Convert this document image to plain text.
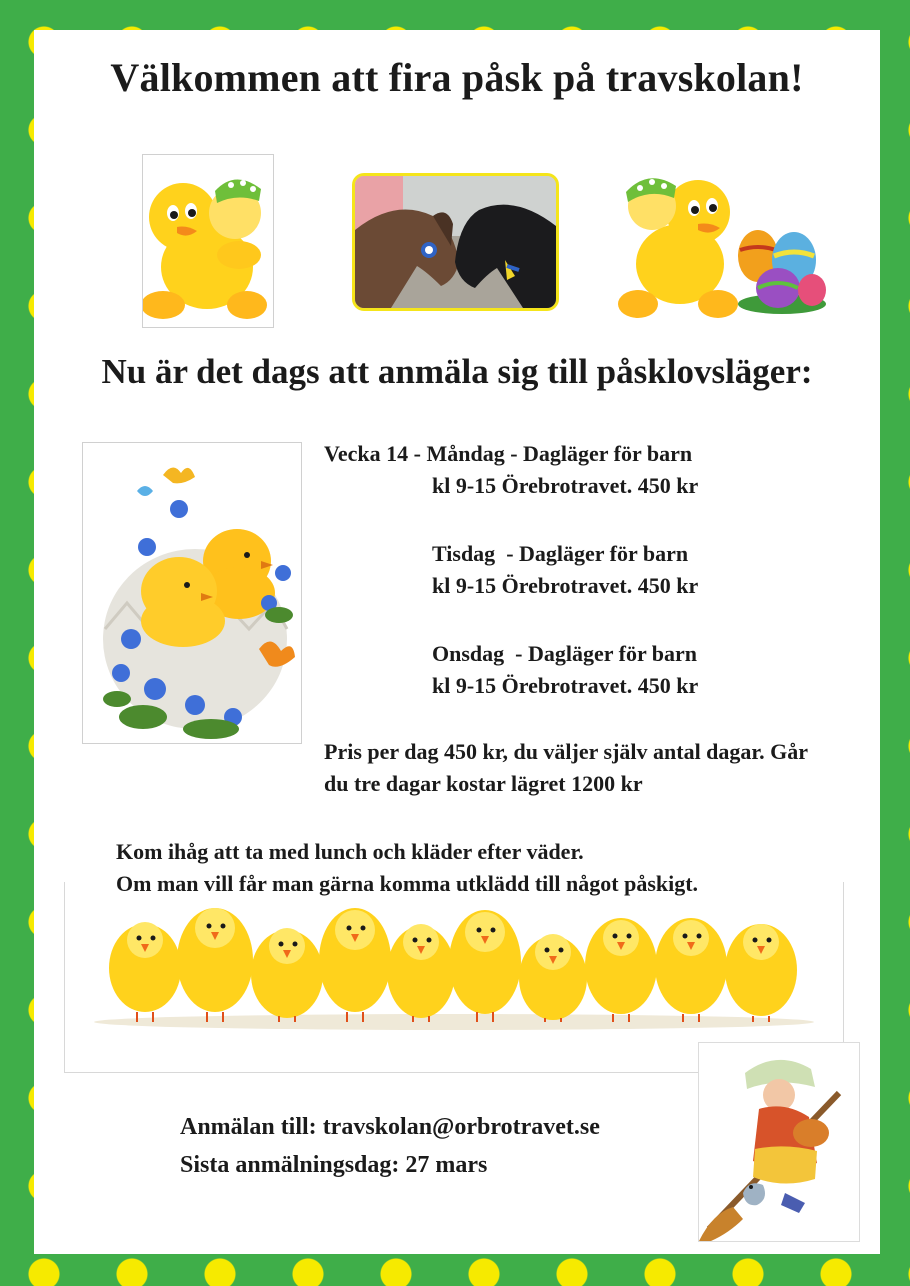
Välkommen att fira påsk på travskolan!
Nu är det dags att anmäla sig till påsklovsläger:
Vecka 14 - Måndag - Dagläger för barn
kl 9-15 Örebrotravet. 450 kr
Tisdag  - Dagläger för barn
kl 9-15 Örebrotravet. 450 kr
Onsdag  - Dagläger för barn
kl 9-15 Örebrotravet. 450 kr
Pris per dag 450 kr, du väljer själv antal dagar. Går
du tre dagar kostar lägret 1200 kr
Kom ihåg att ta med lunch och kläder efter väder.
Om man vill får man gärna komma utklädd till något påskigt.
Anmälan till: travskolan@orbrotravet.se
Sista anmälningsdag: 27 mars
